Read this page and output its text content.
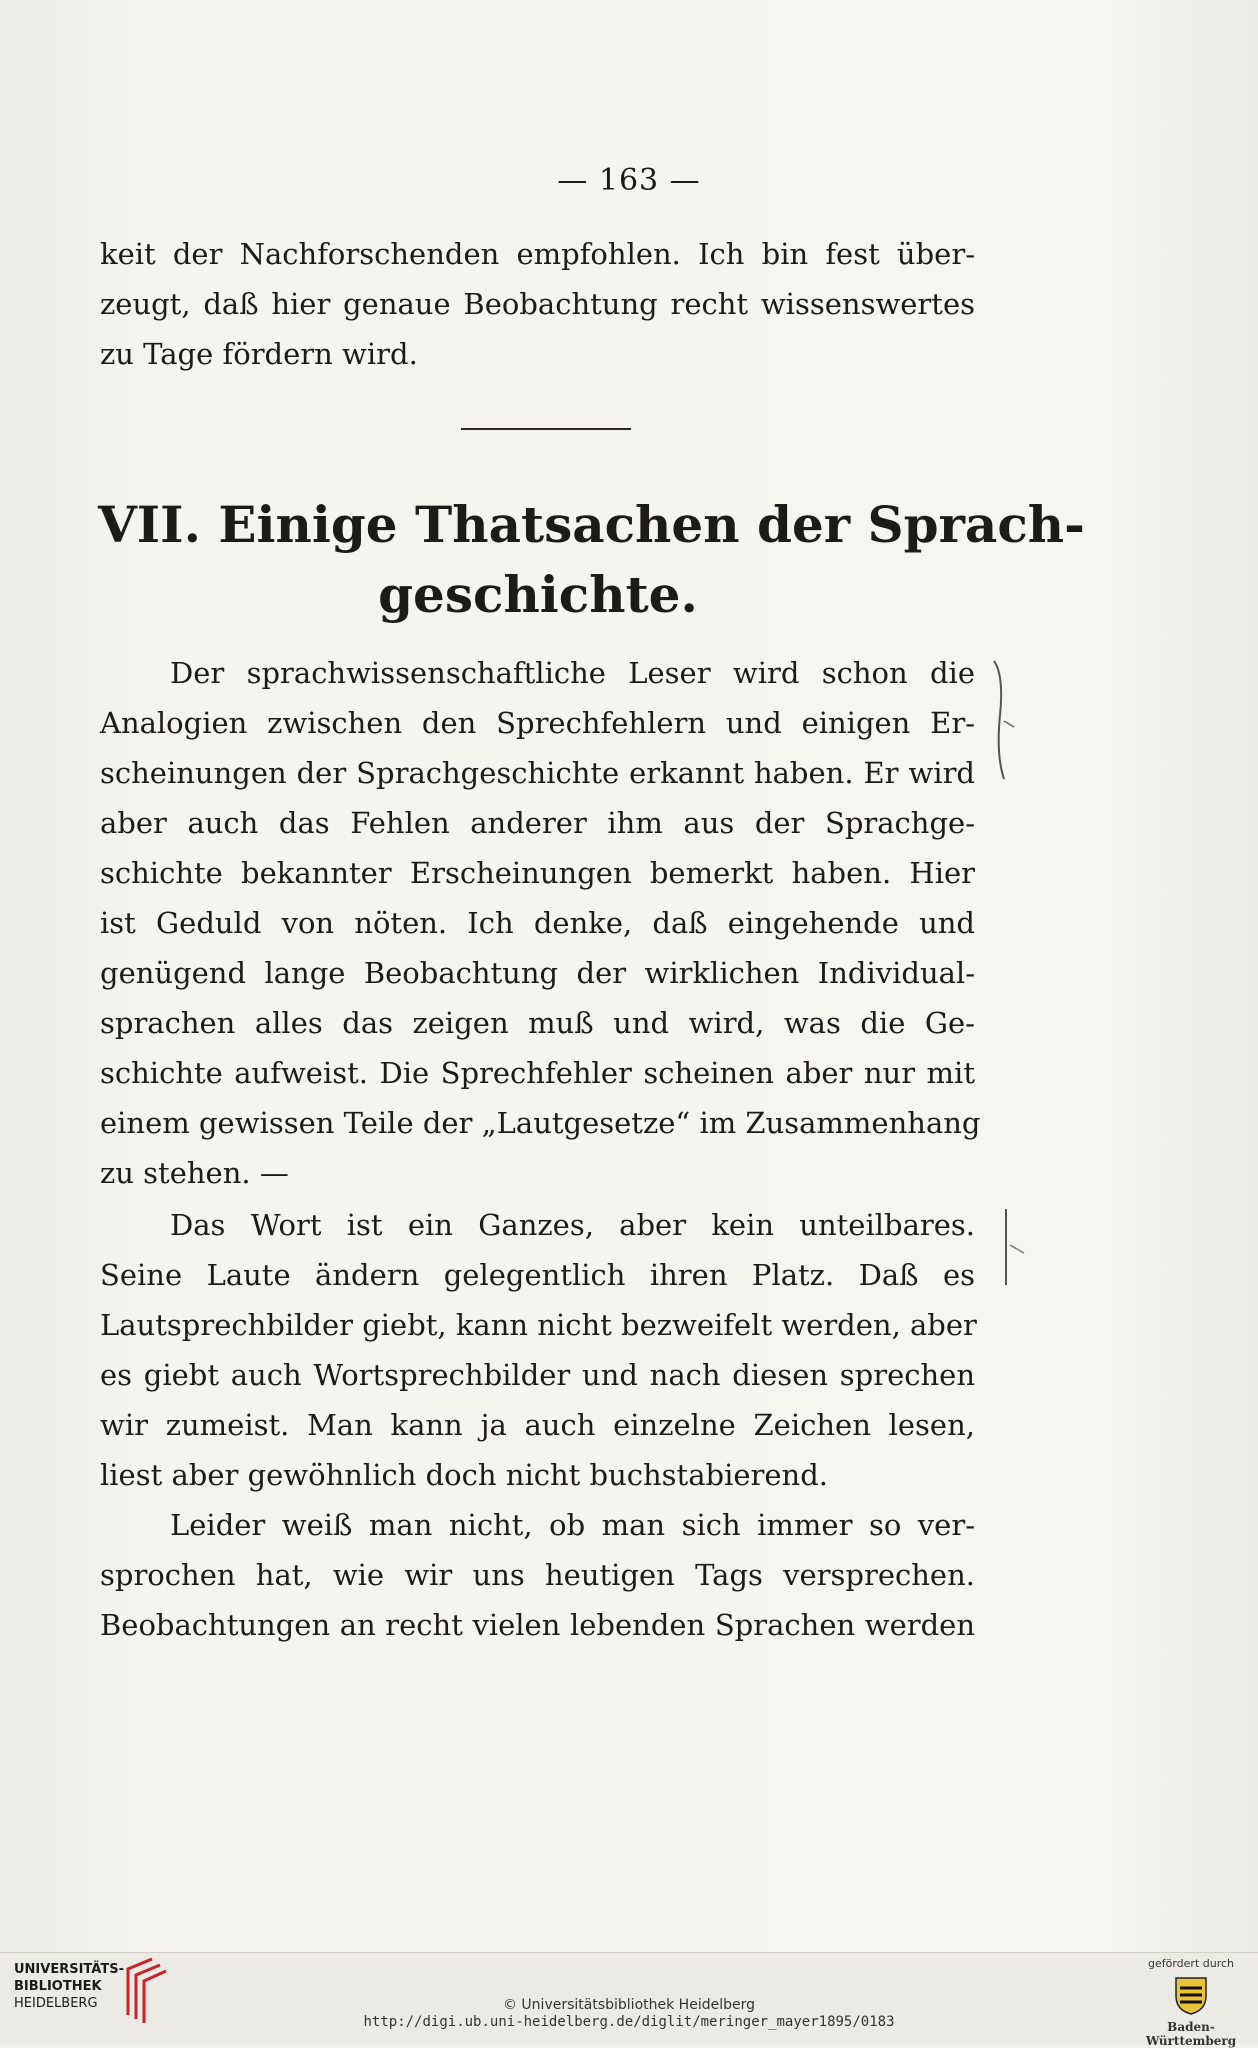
— 163 —
keit der Nachforschenden empfohlen. Ich bin fest über-
zeugt, daß hier genaue Beobachtung recht wissenswertes
zu Tage fördern wird.
VII. Einige Thatsachen der Sprach-
geschichte.
Der sprachwissenschaftliche Leser wird schon die
Analogien zwischen den Sprechfehlern und einigen Er-
scheinungen der Sprachgeschichte erkannt haben. Er wird
aber auch das Fehlen anderer ihm aus der Sprachge-
schichte bekannter Erscheinungen bemerkt haben. Hier
ist Geduld von nöten. Ich denke, daß eingehende und
genügend lange Beobachtung der wirklichen Individual-
sprachen alles das zeigen muß und wird, was die Ge-
schichte aufweist. Die Sprechfehler scheinen aber nur mit
einem gewissen Teile der „Lautgesetze“ im Zusammenhang
zu stehen. —
Das Wort ist ein Ganzes, aber kein unteilbares.
Seine Laute ändern gelegentlich ihren Platz. Daß es
Lautsprechbilder giebt, kann nicht bezweifelt werden, aber
es giebt auch Wortsprechbilder und nach diesen sprechen
wir zumeist. Man kann ja auch einzelne Zeichen lesen,
liest aber gewöhnlich doch nicht buchstabierend.
Leider weiß man nicht, ob man sich immer so ver-
sprochen hat, wie wir uns heutigen Tags versprechen.
Beobachtungen an recht vielen lebenden Sprachen werden
UNIVERSITÄTS-
BIBLIOTHEK
HEIDELBERG	© Universitätsbibliothek Heidelberg
http://digi.ub.uni-heidelberg.de/diglit/meringer_mayer1895/0183
gefördert durch
Baden-Württemberg
